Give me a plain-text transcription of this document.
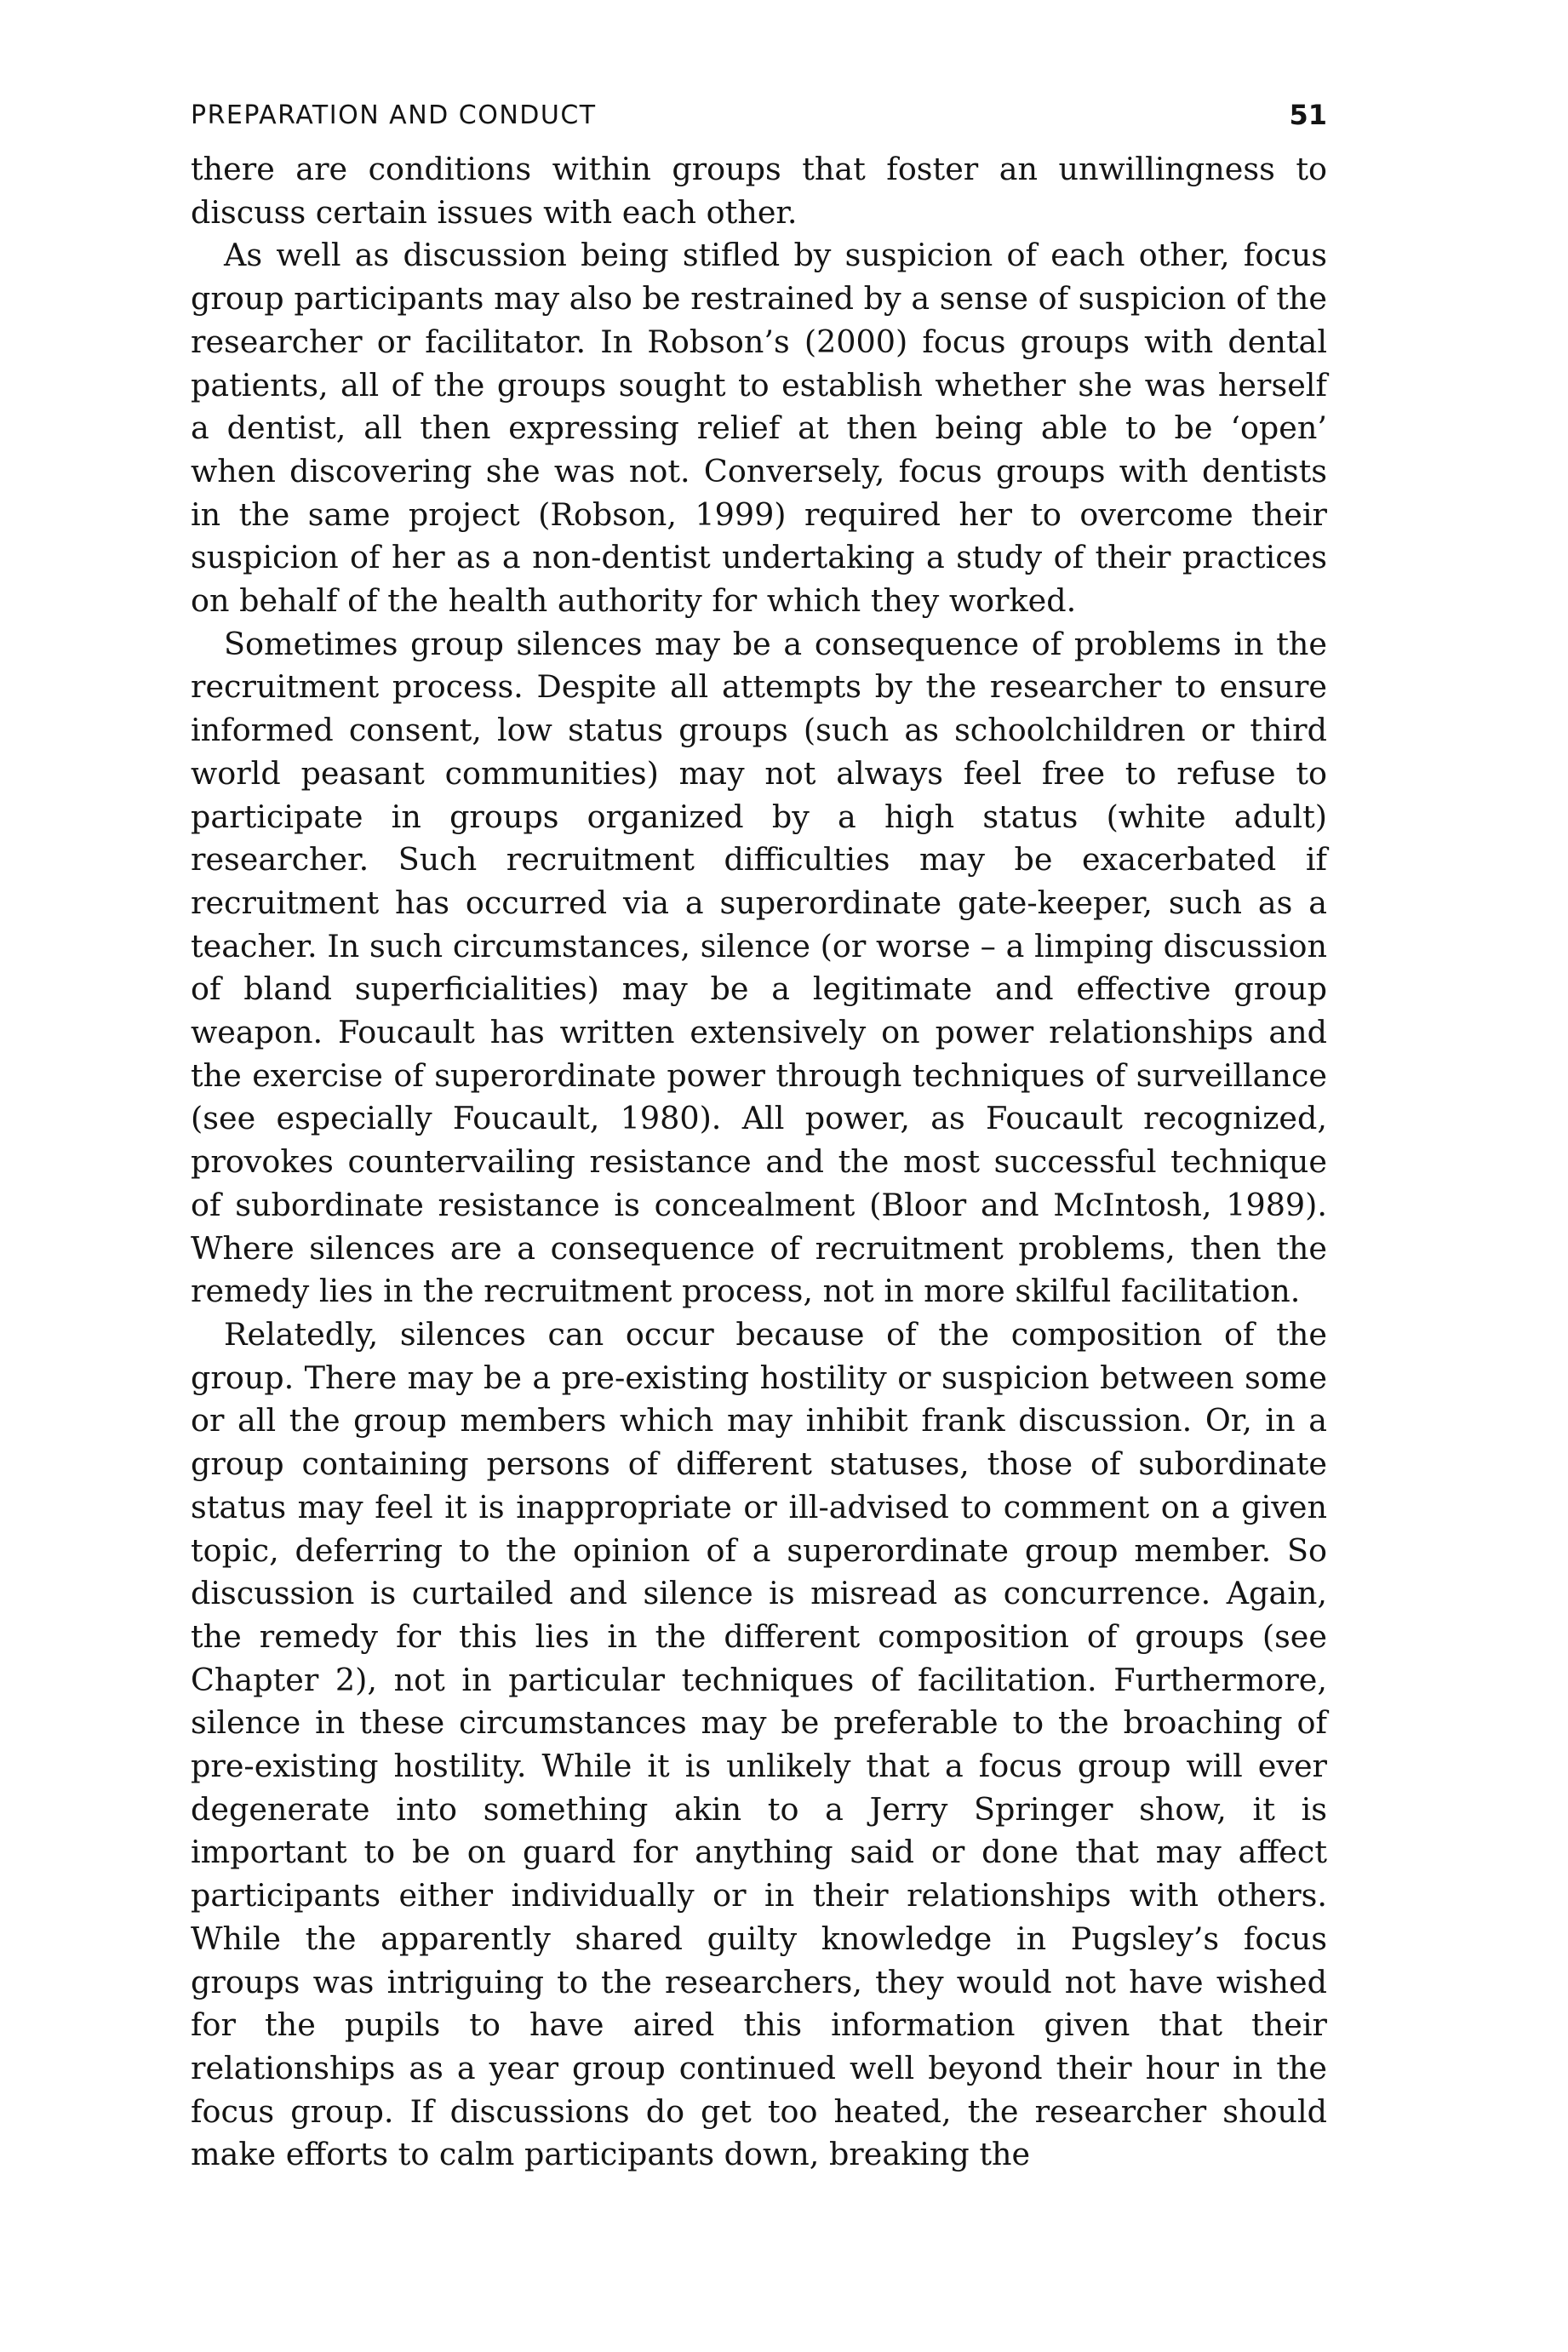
PREPARATION AND CONDUCT	51

there are conditions within groups that foster an unwillingness to discuss certain issues with each other.

As well as discussion being stifled by suspicion of each other, focus group participants may also be restrained by a sense of suspicion of the researcher or facilitator. In Robson’s (2000) focus groups with dental patients, all of the groups sought to establish whether she was herself a dentist, all then expressing relief at then being able to be ‘open’ when discovering she was not. Conversely, focus groups with dentists in the same project (Robson, 1999) required her to overcome their suspicion of her as a non-dentist undertaking a study of their practices on behalf of the health authority for which they worked.

Sometimes group silences may be a consequence of problems in the recruitment process. Despite all attempts by the researcher to ensure informed consent, low status groups (such as schoolchildren or third world peasant communities) may not always feel free to refuse to participate in groups organized by a high status (white adult) researcher. Such recruitment difficulties may be exacerbated if recruitment has occurred via a superordinate gate-keeper, such as a teacher. In such circumstances, silence (or worse – a limping discussion of bland superficialities) may be a legitimate and effective group weapon. Foucault has written extensively on power relationships and the exercise of superordinate power through techniques of surveillance (see especially Foucault, 1980). All power, as Foucault recognized, provokes countervailing resistance and the most successful technique of subordinate resistance is concealment (Bloor and McIntosh, 1989). Where silences are a consequence of recruitment problems, then the remedy lies in the recruitment process, not in more skilful facilitation.

Relatedly, silences can occur because of the composition of the group. There may be a pre-existing hostility or suspicion between some or all the group members which may inhibit frank discussion. Or, in a group containing persons of different statuses, those of subordinate status may feel it is inappropriate or ill-advised to comment on a given topic, deferring to the opinion of a superordinate group member. So discussion is curtailed and silence is misread as concurrence. Again, the remedy for this lies in the different composition of groups (see Chapter 2), not in particular techniques of facilitation. Furthermore, silence in these circumstances may be preferable to the broaching of pre-existing hostility. While it is unlikely that a focus group will ever degenerate into something akin to a Jerry Springer show, it is important to be on guard for anything said or done that may affect participants either individually or in their relationships with others. While the apparently shared guilty knowledge in Pugsley’s focus groups was intriguing to the researchers, they would not have wished for the pupils to have aired this information given that their relationships as a year group continued well beyond their hour in the focus group. If discussions do get too heated, the researcher should make efforts to calm participants down, breaking the
